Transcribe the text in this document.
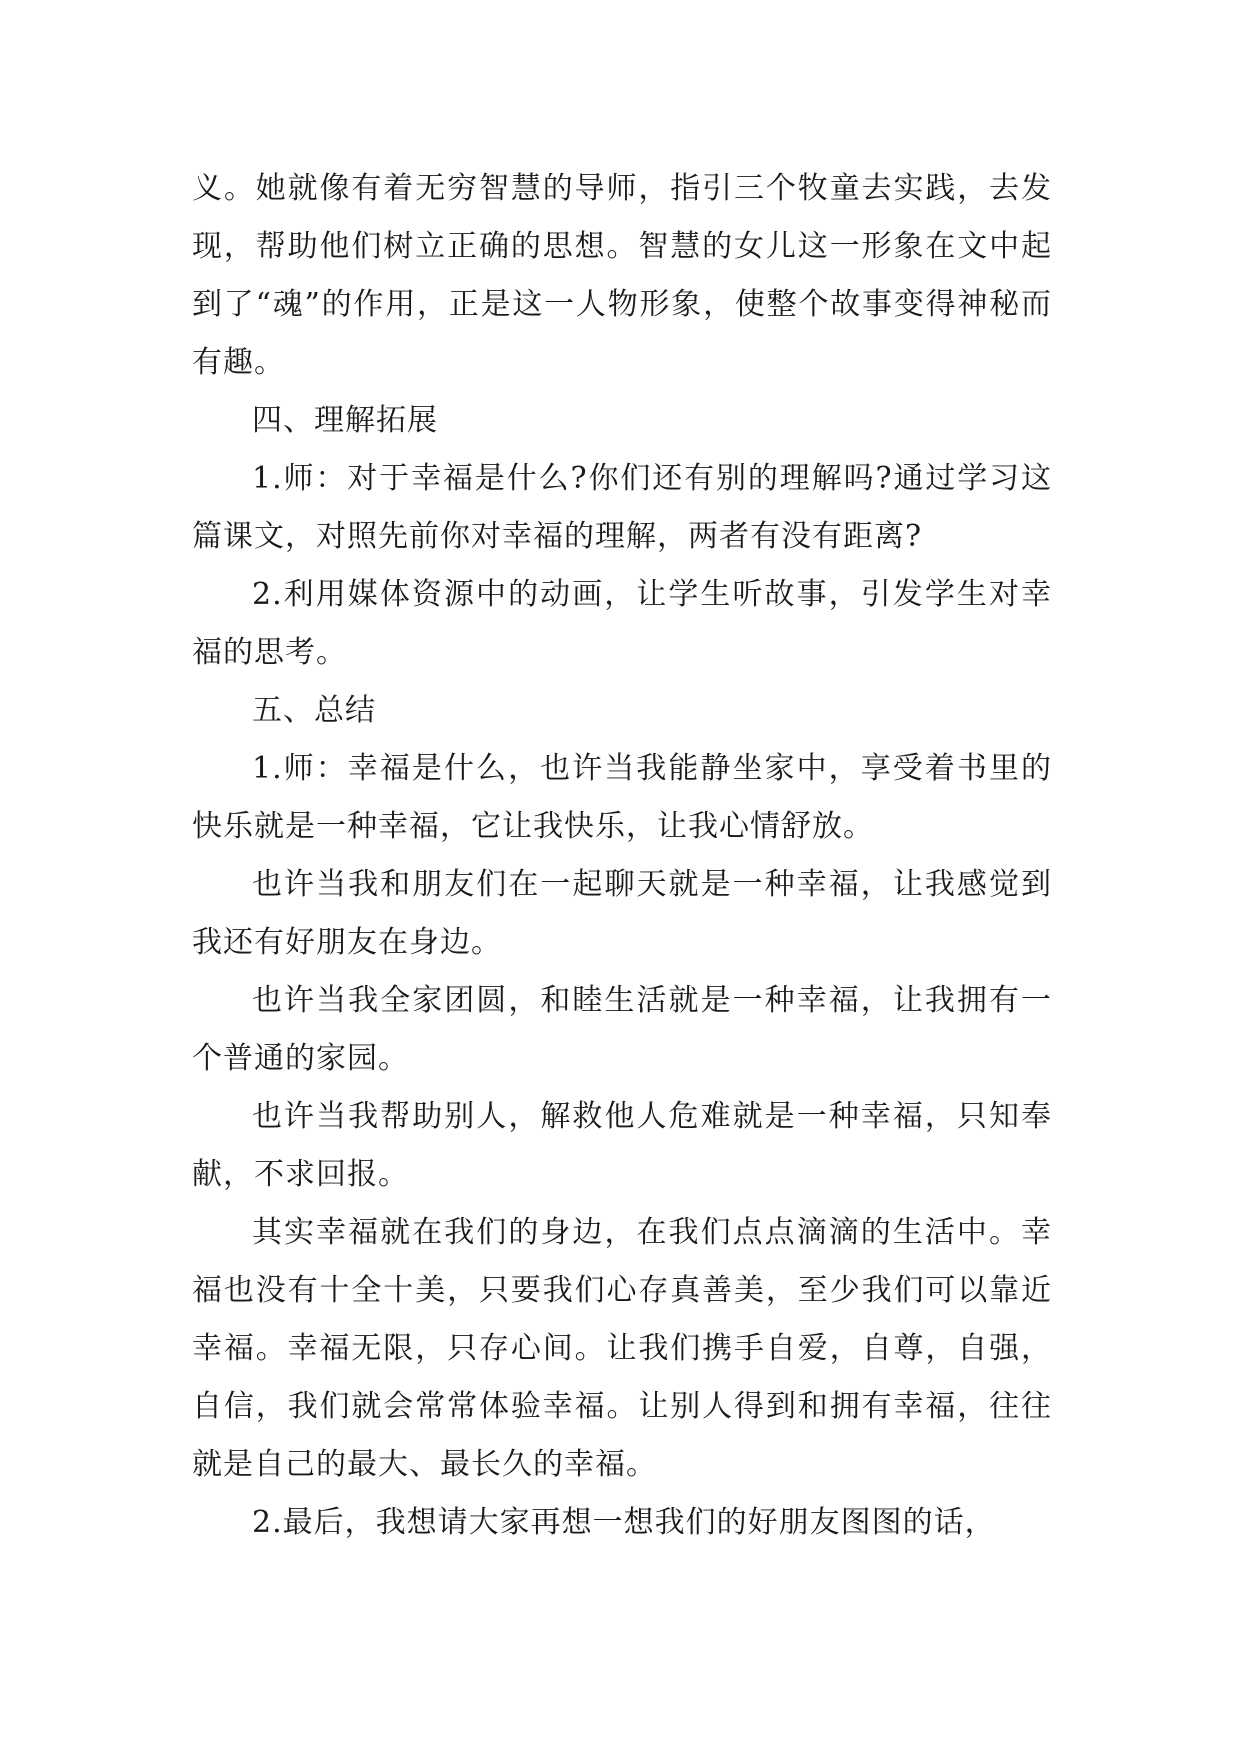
义。她就像有着无穷智慧的导师，指引三个牧童去实践，去发现，帮助他们树立正确的思想。智慧的女儿这一形象在文中起到了“魂”的作用，正是这一人物形象，使整个故事变得神秘而有趣。

四、理解拓展

1.师：对于幸福是什么?你们还有别的理解吗?通过学习这篇课文，对照先前你对幸福的理解，两者有没有距离?

2.利用媒体资源中的动画，让学生听故事，引发学生对幸福的思考。

五、总结

1.师：幸福是什么，也许当我能静坐家中，享受着书里的快乐就是一种幸福，它让我快乐，让我心情舒放。

也许当我和朋友们在一起聊天就是一种幸福，让我感觉到我还有好朋友在身边。

也许当我全家团圆，和睦生活就是一种幸福，让我拥有一个普通的家园。

也许当我帮助别人，解救他人危难就是一种幸福，只知奉献，不求回报。

其实幸福就在我们的身边，在我们点点滴滴的生活中。幸福也没有十全十美，只要我们心存真善美，至少我们可以靠近幸福。幸福无限，只存心间。让我们携手自爱，自尊，自强，自信，我们就会常常体验幸福。让别人得到和拥有幸福，往往就是自己的最大、最长久的幸福。

2.最后，我想请大家再想一想我们的好朋友图图的话，
